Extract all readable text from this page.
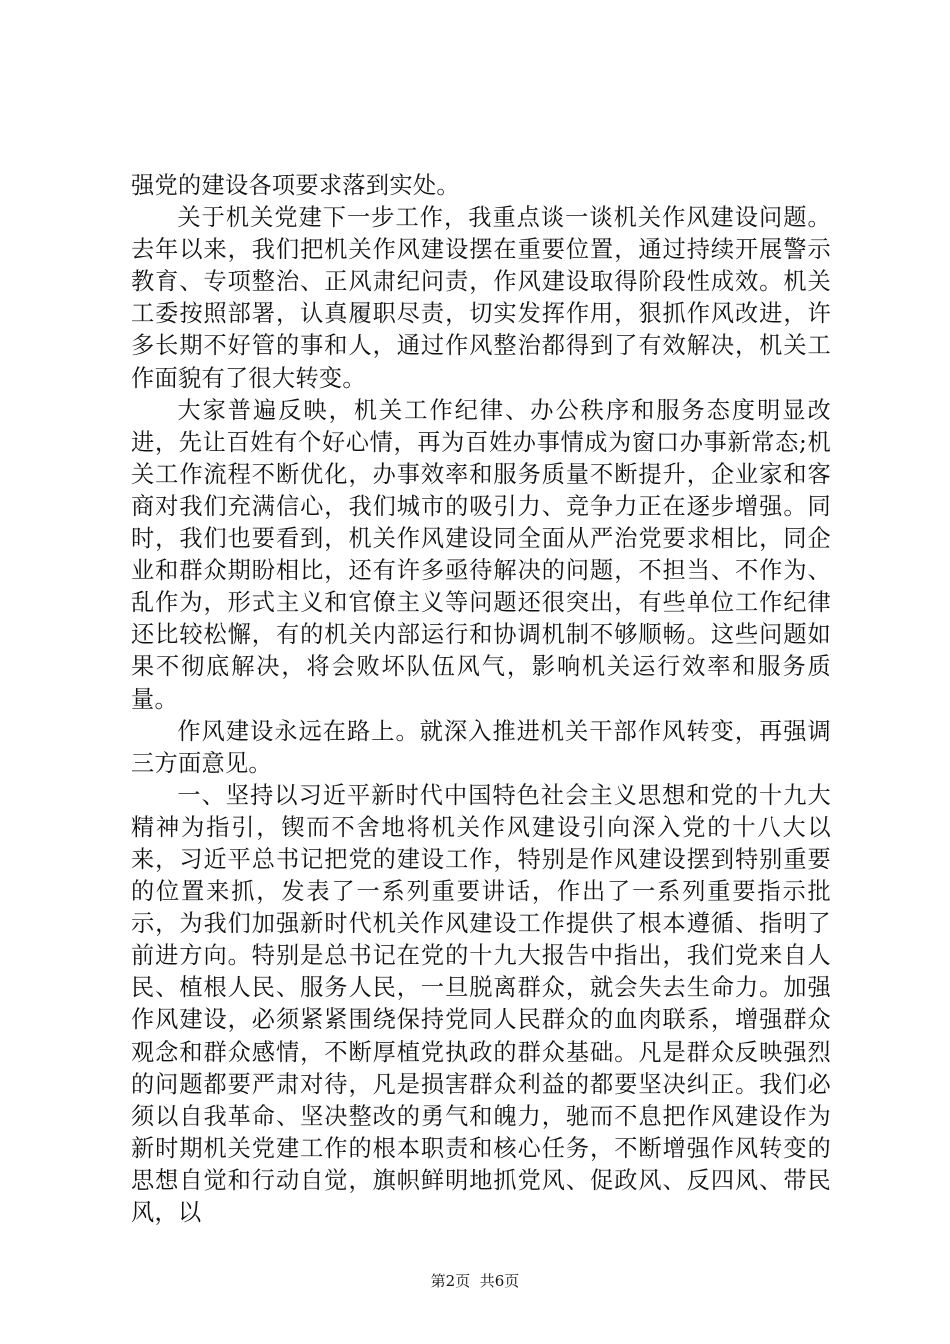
强党的建设各项要求落到实处。

关于机关党建下一步工作，我重点谈一谈机关作风建设问题。去年以来，我们把机关作风建设摆在重要位置，通过持续开展警示教育、专项整治、正风肃纪问责，作风建设取得阶段性成效。机关工委按照部署，认真履职尽责，切实发挥作用，狠抓作风改进，许多长期不好管的事和人，通过作风整治都得到了有效解决，机关工作面貌有了很大转变。

大家普遍反映，机关工作纪律、办公秩序和服务态度明显改进，先让百姓有个好心情，再为百姓办事情成为窗口办事新常态;机关工作流程不断优化，办事效率和服务质量不断提升，企业家和客商对我们充满信心，我们城市的吸引力、竞争力正在逐步增强。同时，我们也要看到，机关作风建设同全面从严治党要求相比，同企业和群众期盼相比，还有许多亟待解决的问题，不担当、不作为、乱作为，形式主义和官僚主义等问题还很突出，有些单位工作纪律还比较松懈，有的机关内部运行和协调机制不够顺畅。这些问题如果不彻底解决，将会败坏队伍风气，影响机关运行效率和服务质量。

作风建设永远在路上。就深入推进机关干部作风转变，再强调三方面意见。

一、坚持以习近平新时代中国特色社会主义思想和党的十九大精神为指引，锲而不舍地将机关作风建设引向深入党的十八大以来，习近平总书记把党的建设工作，特别是作风建设摆到特别重要的位置来抓，发表了一系列重要讲话，作出了一系列重要指示批示，为我们加强新时代机关作风建设工作提供了根本遵循、指明了前进方向。特别是总书记在党的十九大报告中指出，我们党来自人民、植根人民、服务人民，一旦脱离群众，就会失去生命力。加强作风建设，必须紧紧围绕保持党同人民群众的血肉联系，增强群众观念和群众感情，不断厚植党执政的群众基础。凡是群众反映强烈的问题都要严肃对待，凡是损害群众利益的都要坚决纠正。我们必须以自我革命、坚决整改的勇气和魄力，驰而不息把作风建设作为新时期机关党建工作的根本职责和核心任务，不断增强作风转变的思想自觉和行动自觉，旗帜鲜明地抓党风、促政风、反四风、带民风，以

第2页 共6页
